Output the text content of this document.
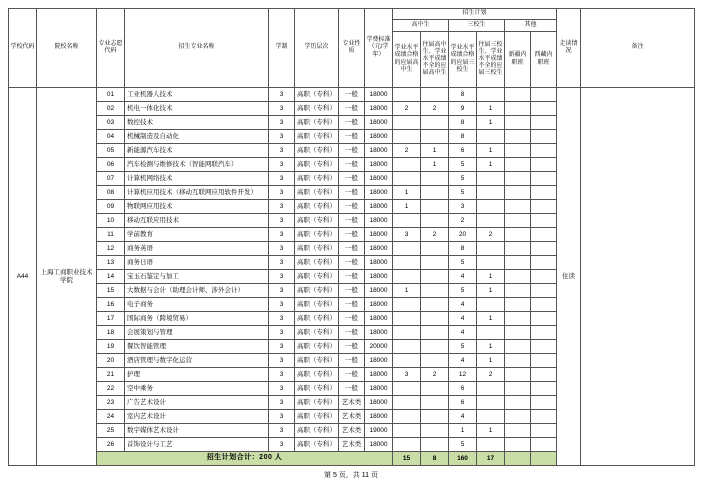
学校代码	院校名称	专业志愿代码	招生专业名称	学制	学历层次	专业性质	学费标准（元/学年）	招生计划						走读情况	备注
								高中生		三校生		其他			
								学业水平成绩合格的应届高中生	往届高中生、学业水平成绩不全的应届高中生	学业水平成绩合格的应届三校生	往届三校生、学业水平成绩不全的应届三校生	新疆内职班	西藏内职班		
A44	上海工商职业技术学院	01	工业机器人技术	3	高职（专科）	一般	18000			8				住读	
		02	机电一体化技术	3	高职（专科）	一般	18000	2	2	9	1				
		03	数控技术	3	高职（专科）	一般	18000			8	1				
		04	机械制造及自动化	3	高职（专科）	一般	18000			8					
		05	新能源汽车技术	3	高职（专科）	一般	18000	2	1	6	1				
		06	汽车检测与维修技术（智能网联汽车）	3	高职（专科）	一般	18000		1	5	1				
		07	计算机网络技术	3	高职（专科）	一般	18000			5					
		08	计算机应用技术（移动互联网应用软件开发）	3	高职（专科）	一般	18000	1		5					
		09	物联网应用技术	3	高职（专科）	一般	18000	1		3					
		10	移动互联应用技术	3	高职（专科）	一般	18000			2					
		11	学前教育	3	高职（专科）	一般	18000	3	2	20	2				
		12	商务英语	3	高职（专科）	一般	18000			8					
		13	商务日语	3	高职（专科）	一般	18000			5					
		14	宝玉石鉴定与加工	3	高职（专科）	一般	18000			4	1				
		15	大数据与会计（助理会计师、涉外会计）	3	高职（专科）	一般	18000	1		5	1				
		16	电子商务	3	高职（专科）	一般	18000			4					
		17	国际商务（跨境贸易）	3	高职（专科）	一般	18000			4	1				
		18	会展策划与管理	3	高职（专科）	一般	18000			4					
		19	餐饮智能管理	3	高职（专科）	一般	20000			5	1				
		20	酒店管理与数字化运营	3	高职（专科）	一般	18000			4	1				
		21	护理	3	高职（专科）	一般	18000	3	2	12	2				
		22	空中乘务	3	高职（专科）	一般	18000			6					
		23	广告艺术设计	3	高职（专科）	艺术类	18000			6					
		24	室内艺术设计	3	高职（专科）	艺术类	18000			4					
		25	数字媒体艺术设计	3	高职（专科）	艺术类	19000			1	1				
		26	首饰设计与工艺	3	高职（专科）	艺术类	18000			5					
		招生计划合计：200 人						15	8	160	17				
第 5 页，共 11 页
